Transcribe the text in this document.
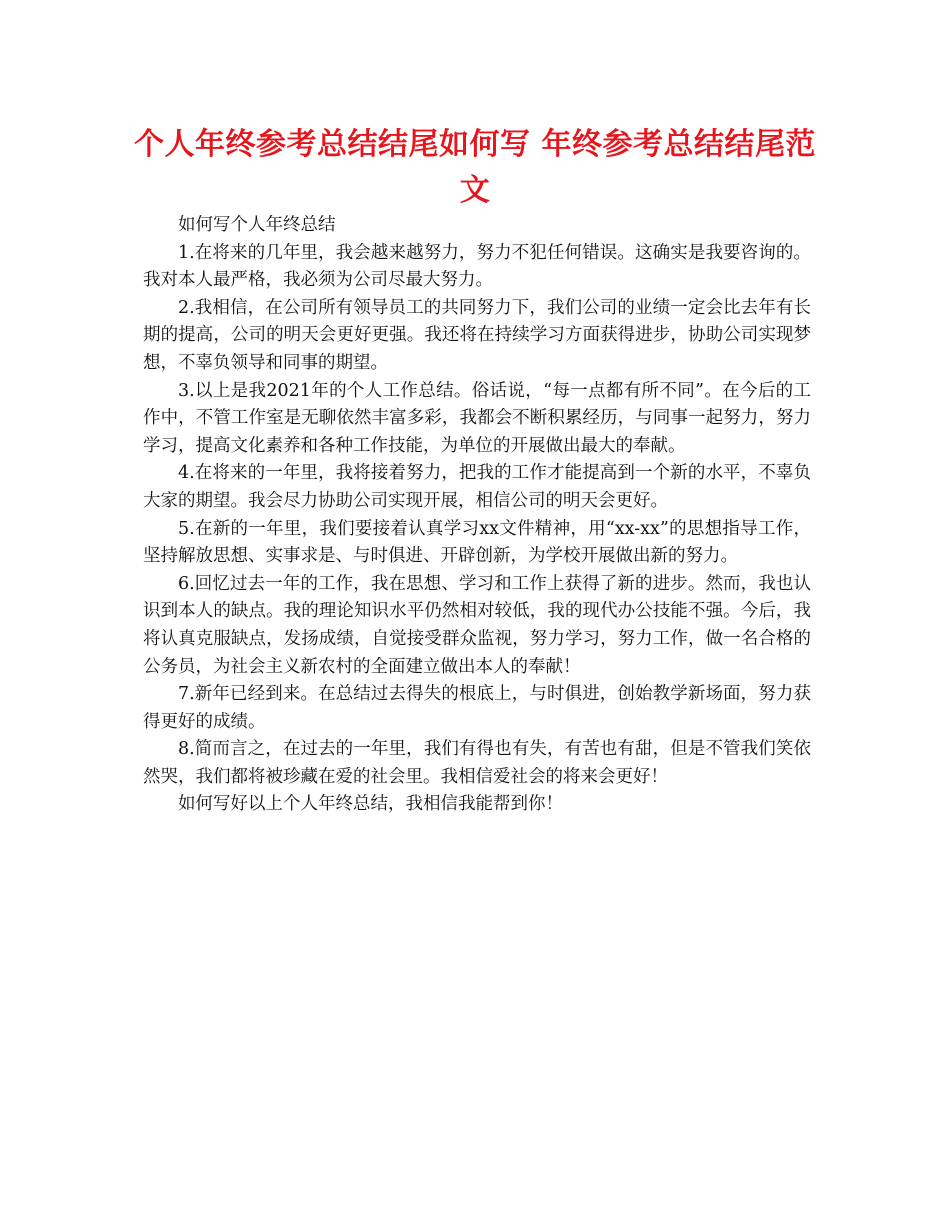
个人年终参考总结结尾如何写 年终参考总结结尾范文

如何写个人年终总结

1.在将来的几年里，我会越来越努力，努力不犯任何错误。这确实是我要咨询的。我对本人最严格，我必须为公司尽最大努力。

2.我相信，在公司所有领导员工的共同努力下，我们公司的业绩一定会比去年有长期的提高，公司的明天会更好更强。我还将在持续学习方面获得进步，协助公司实现梦想，不辜负领导和同事的期望。

3.以上是我2021年的个人工作总结。俗话说，“每一点都有所不同”。在今后的工作中，不管工作室是无聊依然丰富多彩，我都会不断积累经历，与同事一起努力，努力学习，提高文化素养和各种工作技能，为单位的开展做出最大的奉献。

4.在将来的一年里，我将接着努力，把我的工作才能提高到一个新的水平，不辜负大家的期望。我会尽力协助公司实现开展，相信公司的明天会更好。

5.在新的一年里，我们要接着认真学习xx文件精神，用“xx-xx”的思想指导工作，坚持解放思想、实事求是、与时俱进、开辟创新，为学校开展做出新的努力。

6.回忆过去一年的工作，我在思想、学习和工作上获得了新的进步。然而，我也认识到本人的缺点。我的理论知识水平仍然相对较低，我的现代办公技能不强。今后，我将认真克服缺点，发扬成绩，自觉接受群众监视，努力学习，努力工作，做一名合格的公务员，为社会主义新农村的全面建立做出本人的奉献！

7.新年已经到来。在总结过去得失的根底上，与时俱进，创始教学新场面，努力获得更好的成绩。

8.简而言之，在过去的一年里，我们有得也有失，有苦也有甜，但是不管我们笑依然哭，我们都将被珍藏在爱的社会里。我相信爱社会的将来会更好！

如何写好以上个人年终总结，我相信我能帮到你！
